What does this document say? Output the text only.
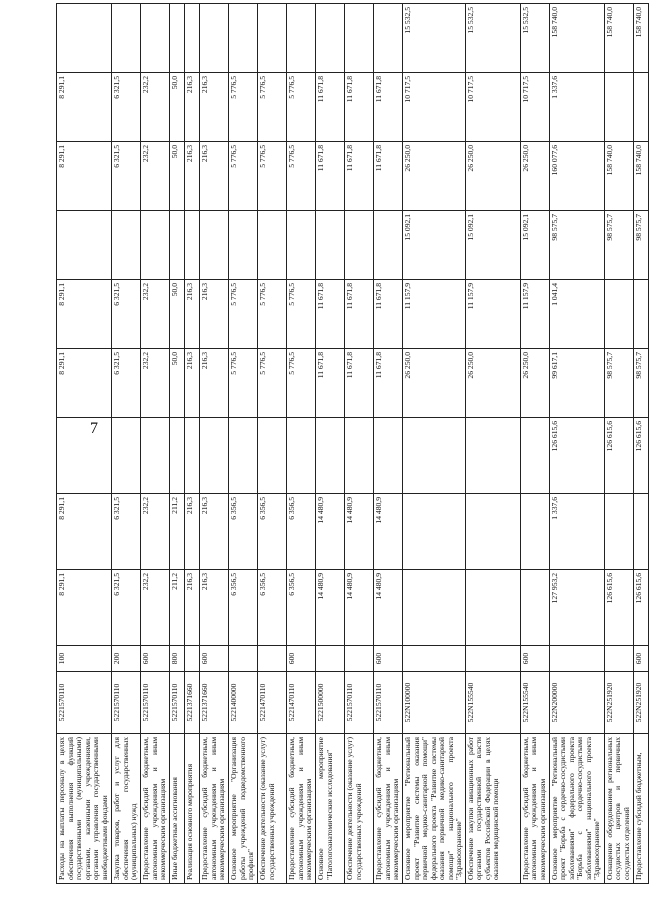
7
Расходы на выплаты персоналу в целях обеспечения выполнения функций государственными (муниципальными) органами, казенными учреждениями, органами управления государственными внебюджетными фондами	5221570110	100	8 291,1	8 291,1		8 291,1	8 291,1		8 291,1	8 291,1	
Закупка товаров, работ и услуг для обеспечения государственных (муниципальных) нужд	5221570110	200	6 321,5	6 321,5		6 321,5	6 321,5		6 321,5	6 321,5	
Предоставление субсидий бюджетным, автономным учреждениям и иным некоммерческим организациям	5221570110	600	232,2	232,2		232,2	232,2		232,2	232,2	
Иные бюджетные ассигнования	5221570110	800	211,2	211,2		50,0	50,0		50,0	50,0	
Реализация основного мероприятия	5221371660		216,3	216,3		216,3	216,3		216,3	216,3	
Предоставление субсидий бюджетным, автономным учреждениям и иным некоммерческим организациям	5221371660	600	216,3	216,3		216,3	216,3		216,3	216,3	
Основное мероприятие "Организация работы учреждений подведомственного профиля"	5221400000		6 356,5	6 356,5		5 776,5	5 776,5		5 776,5	5 776,5	
Обеспечение деятельности (оказание услуг) государственных учреждений	5221470110		6 356,5	6 356,5		5 776,5	5 776,5		5 776,5	5 776,5	
Предоставление субсидий бюджетным, автономным учреждениям и иным некоммерческим организациям	5221470110	600	6 356,5	6 356,5		5 776,5	5 776,5		5 776,5	5 776,5	
Основное мероприятие "Патологоанатомические исследования"	5221500000		14 480,9	14 480,9		11 671,8	11 671,8		11 671,8	11 671,8	
Обеспечение деятельности (оказание услуг) государственных учреждений	5221570110		14 480,9	14 480,9		11 671,8	11 671,8		11 671,8	11 671,8	
Предоставление субсидий бюджетным, автономным учреждениям и иным некоммерческим организациям	5221570110	600	14 480,9	14 480,9		11 671,8	11 671,8		11 671,8	11 671,8	
Основное мероприятие "Региональный проект "Развитие системы оказания первичной медико-санитарной помощи" федерального проекта "Развитие системы оказания первичной медико-санитарной помощи" национального проекта "Здравоохранение"	522N100000					26 250,0	11 157,9	15 092,1	26 250,0	10 717,5	15 532,5
Обеспечение закупки авиационных работ органами государственной власти субъектов Российской Федерации в целях оказания медицинской помощи	522N155540					26 250,0	11 157,9	15 092,1	26 250,0	10 717,5	15 532,5
Предоставление субсидий бюджетным, автономным учреждениям и иным некоммерческим организациям	522N155540	600				26 250,0	11 157,9	15 092,1	26 250,0	10 717,5	15 532,5
Основное мероприятие "Региональный проект "Борьба с сердечно-сосудистыми заболеваниями" федерального проекта "Борьба с сердечно-сосудистыми заболеваниями" национального проекта "Здравоохранение"	522N200000		127 953,2	1 337,6	126 615,6	99 617,1	1 041,4	98 575,7	160 077,6	1 337,6	158 740,0
Оснащение оборудованием региональных сосудистых центров и первичных сосудистых отделений	522N251920		126 615,6		126 615,6	98 575,7		98 575,7	158 740,0		158 740,0
Предоставление субсидий бюджетным,	522N251920	600	126 615,6		126 615,6	98 575,7		98 575,7	158 740,0		158 740,0
